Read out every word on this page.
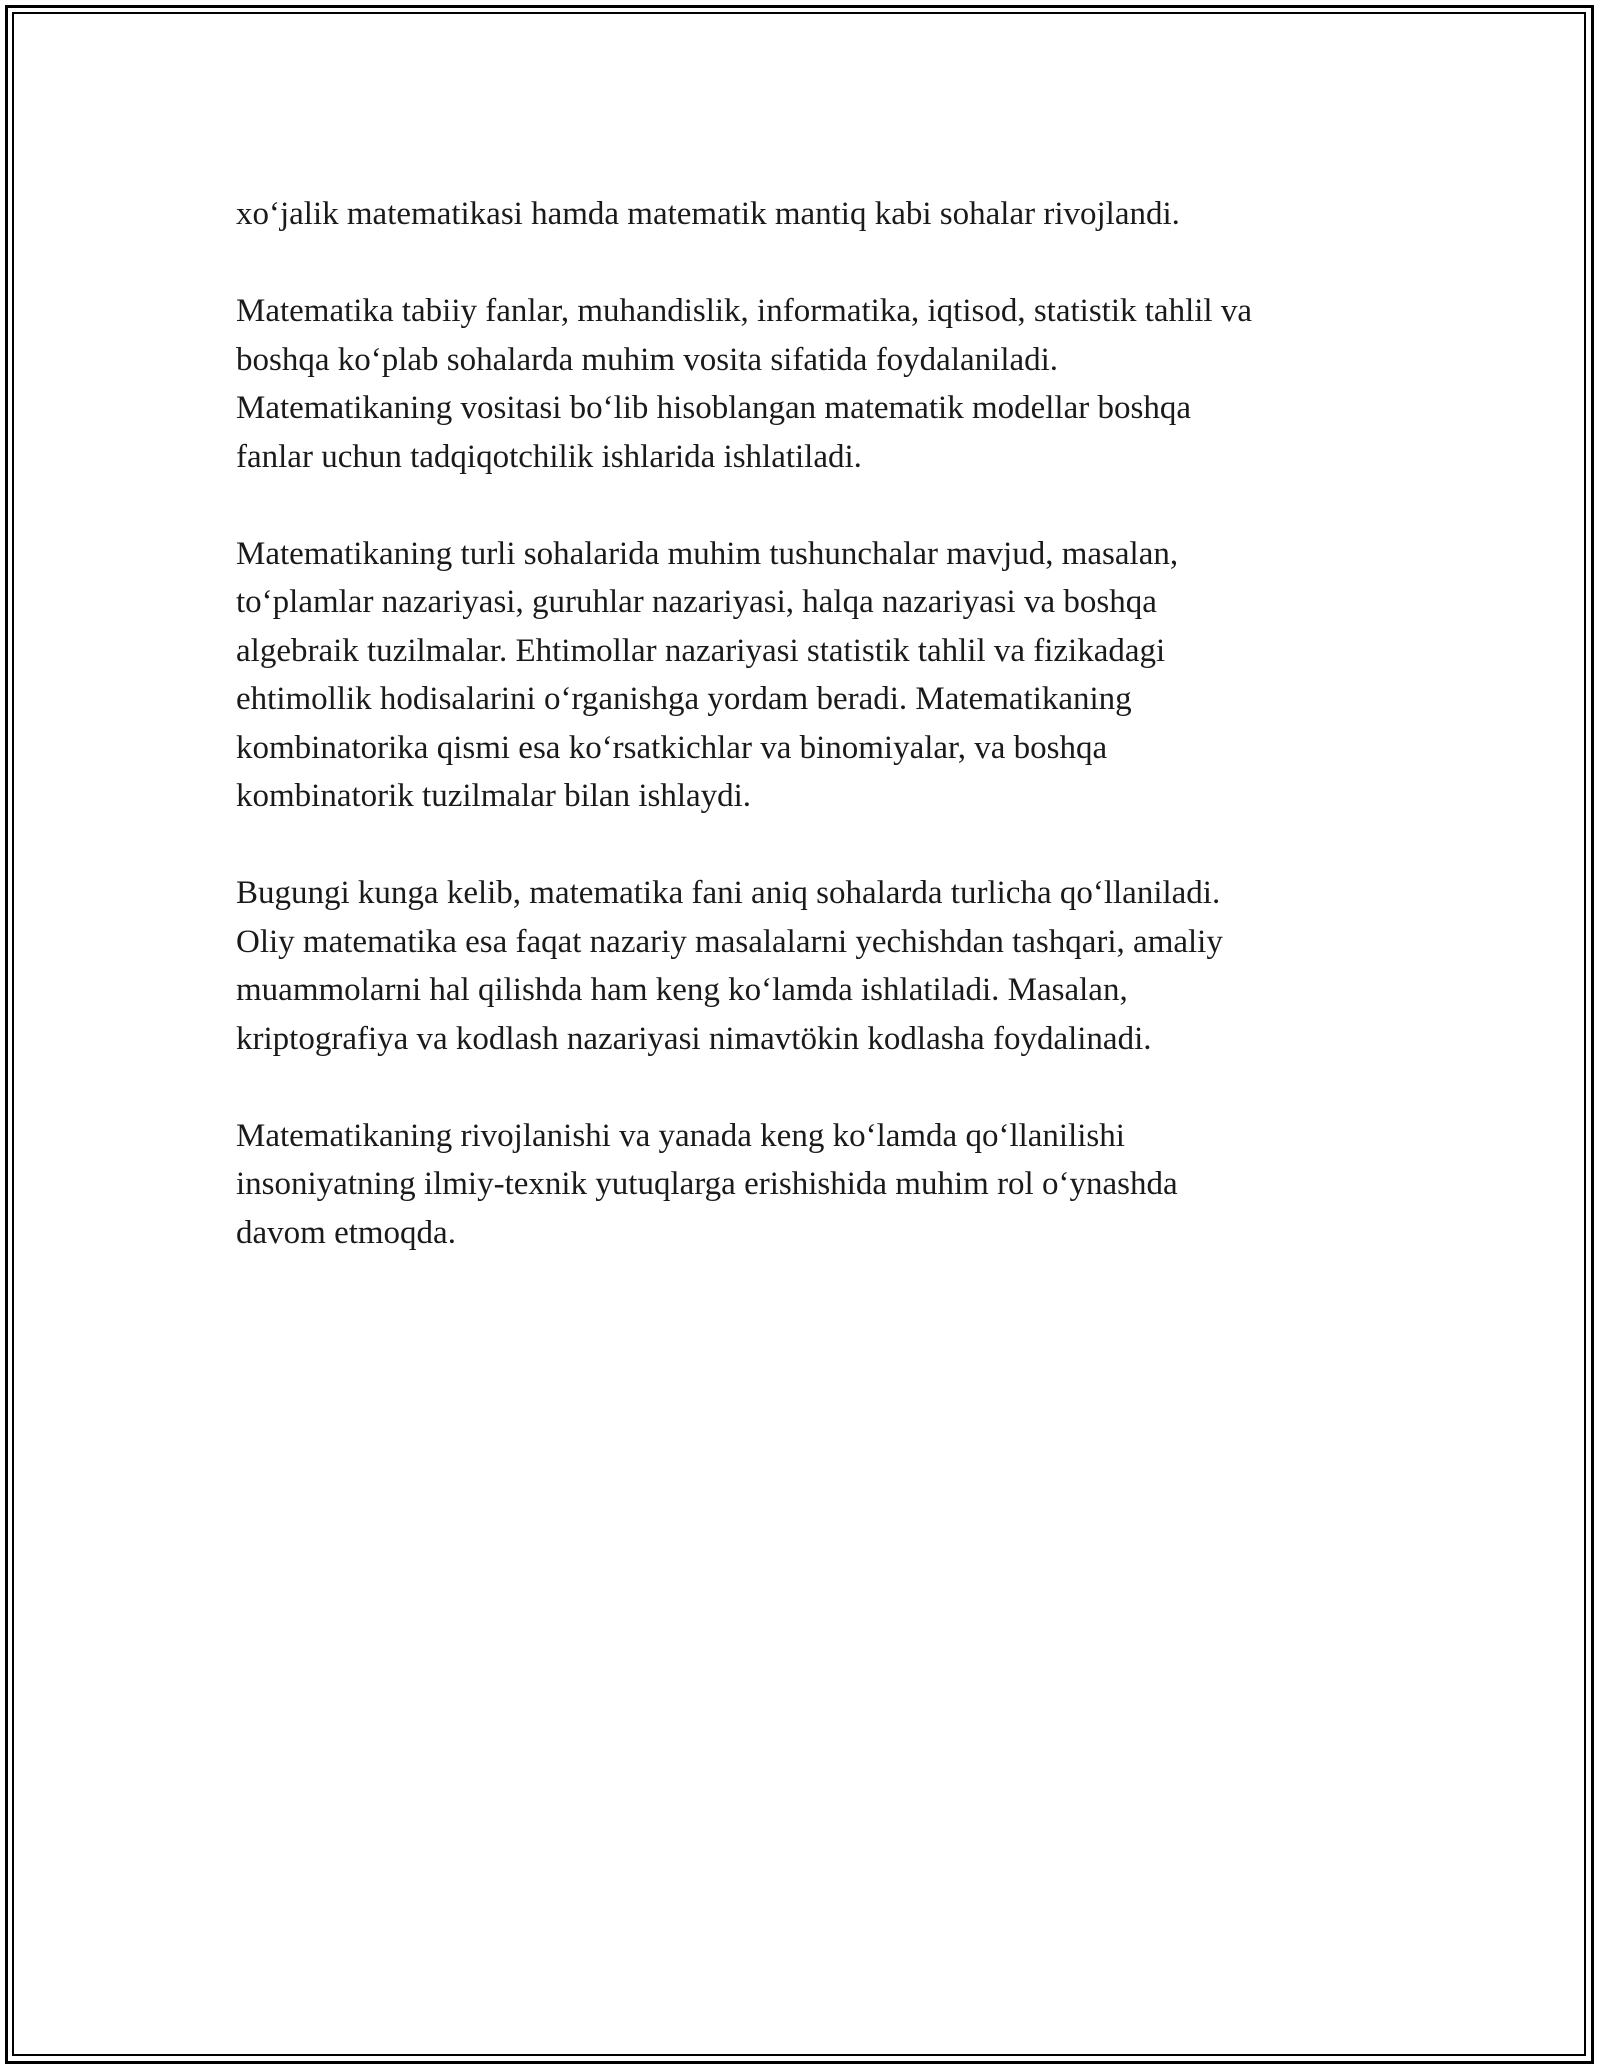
xo‘jalik matematikasi hamda matematik mantiq kabi sohalar rivojlandi.

Matematika tabiiy fanlar, muhandislik, informatika, iqtisod, statistik tahlil va
boshqa ko‘plab sohalarda muhim vosita sifatida foydalaniladi.
Matematikaning vositasi bo‘lib hisoblangan matematik modellar boshqa
fanlar uchun tadqiqotchilik ishlarida ishlatiladi.

Matematikaning turli sohalarida muhim tushunchalar mavjud, masalan,
to‘plamlar nazariyasi, guruhlar nazariyasi, halqa nazariyasi va boshqa
algebraik tuzilmalar. Ehtimollar nazariyasi statistik tahlil va fizikadagi
ehtimollik hodisalarini o‘rganishga yordam beradi. Matematikaning
kombinatorika qismi esa ko‘rsatkichlar va binomiyalar, va boshqa
kombinatorik tuzilmalar bilan ishlaydi.

Bugungi kunga kelib, matematika fani aniq sohalarda turlicha qo‘llaniladi.
Oliy matematika esa faqat nazariy masalalarni yechishdan tashqari, amaliy
muammolarni hal qilishda ham keng ko‘lamda ishlatiladi. Masalan,
kriptografiya va kodlash nazariyasi nimavtökin kodlasha foydalinadi.

Matematikaning rivojlanishi va yanada keng ko‘lamda qo‘llanilishi
insoniyatning ilmiy-texnik yutuqlarga erishishida muhim rol o‘ynashda
davom etmoqda.
